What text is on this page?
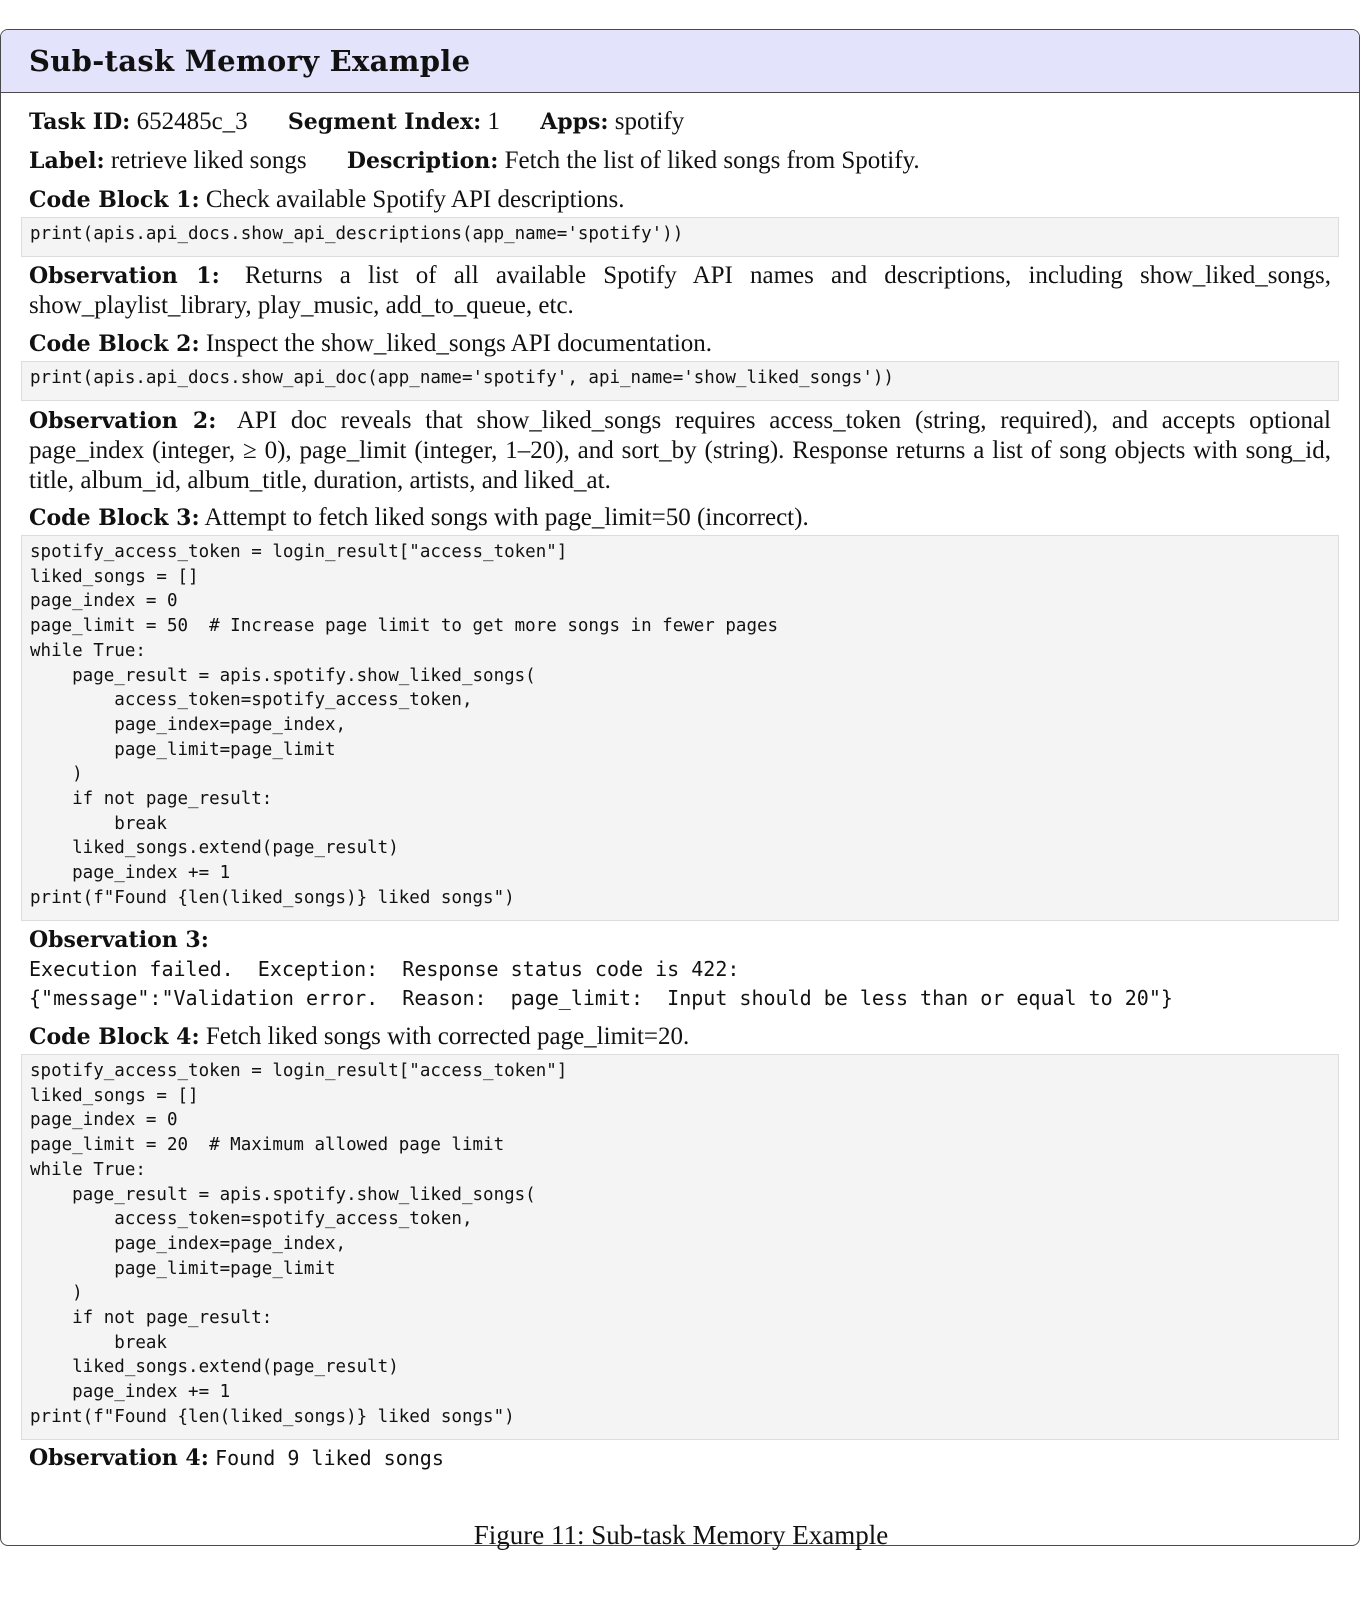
Sub-task Memory Example
Task ID: 652485c_3 Segment Index: 1 Apps: spotify
Label: retrieve liked songs Description: Fetch the list of liked songs from Spotify.
Code Block 1: Check available Spotify API descriptions.
print(apis.api_docs.show_api_descriptions(app_name='spotify'))
Observation 1: Returns a list of all available Spotify API names and descriptions, including show_liked_songs, show_playlist_library, play_music, add_to_queue, etc.
Code Block 2: Inspect the show_liked_songs API documentation.
print(apis.api_docs.show_api_doc(app_name='spotify', api_name='show_liked_songs'))
Observation 2: API doc reveals that show_liked_songs requires access_token (string, required), and accepts optional page_index (integer, ≥ 0), page_limit (integer, 1–20), and sort_by (string). Response returns a list of song objects with song_id, title, album_id, album_title, duration, artists, and liked_at.
Code Block 3: Attempt to fetch liked songs with page_limit=50 (incorrect).
spotify_access_token = login_result["access_token"]
liked_songs = []
page_index = 0
page_limit = 50  # Increase page limit to get more songs in fewer pages
while True:
page_result = apis.spotify.show_liked_songs(
access_token=spotify_access_token,
page_index=page_index,
page_limit=page_limit
)
if not page_result:
break
liked_songs.extend(page_result)
page_index += 1
print(f"Found {len(liked_songs)} liked songs")
Observation 3:
Execution failed.  Exception:  Response status code is 422:
{"message":"Validation error.  Reason:  page_limit:  Input should be less than or equal to 20"}
Code Block 4: Fetch liked songs with corrected page_limit=20.
spotify_access_token = login_result["access_token"]
liked_songs = []
page_index = 0
page_limit = 20  # Maximum allowed page limit
while True:
page_result = apis.spotify.show_liked_songs(
access_token=spotify_access_token,
page_index=page_index,
page_limit=page_limit
)
if not page_result:
break
liked_songs.extend(page_result)
page_index += 1
print(f"Found {len(liked_songs)} liked songs")
Observation 4: Found 9 liked songs
Figure 11: Sub-task Memory Example
